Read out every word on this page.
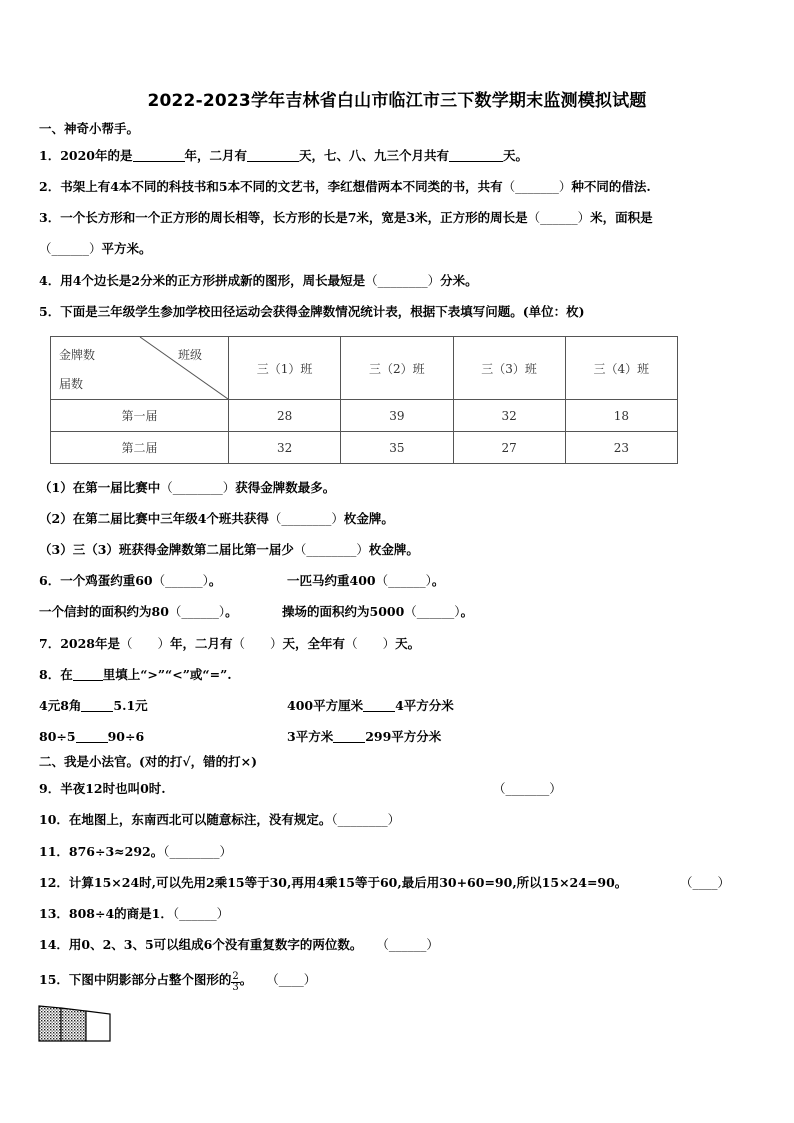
2022-2023学年吉林省白山市临江市三下数学期末监测模拟试题
一、神奇小帮手。
1．2020年的是	年，二月有	天，七、八、九三个月共有	天。
2．书架上有4本不同的科技书和5本不同的文艺书，李红想借两本不同类的书，共有（_______）种不同的借法.
3．一个长方形和一个正方形的周长相等，长方形的长是7米，宽是3米，正方形的周长是（______）米，面积是
（______）平方米。
4．用4个边长是2分米的正方形拼成新的图形，周长最短是（________）分米。
5．下面是三年级学生参加学校田径运动会获得金牌数情况统计表，根据下表填写问题。(单位：枚)
金牌数 班级
届数	三（1）班	三（2）班	三（3）班	三（4）班
第一届	28	39	32	18
第二届	32	35	27	23
（1）在第一届比赛中（________）获得金牌数最多。
（2）在第二届比赛中三年级4个班共获得（________）枚金牌。
（3）三（3）班获得金牌数第二届比第一届少（________）枚金牌。
6．一个鸡蛋约重60（______）。	一匹马约重400（______）。
一个信封的面积约为80（______）。	操场的面积约为5000（______）。
7．2028年是（　　）年，二月有（　　）天，全年有（　　）天。
8．在 里填上“>”“<”或“=”.
4元8角	5.1元	400平方厘米	4平方分米
80÷5	90÷6	3平方米	299平方分米
二、我是小法官。(对的打√，错的打×)
9．半夜12时也叫0时.	（_______）
10．在地图上，东南西北可以随意标注，没有规定。（________）
11．876÷3≈292。（________）
12．计算15×24时,可以先用2乘15等于30,再用4乘15等于60,最后用30+60=90,所以15×24=90。	（____）
13．808÷4的商是1．（______）
14．用0、2、3、5可以组成6个没有重复数字的两位数。 （______）
15．下图中阴影部分占整个图形的 $\frac{2}{3}$ 。 （____）
